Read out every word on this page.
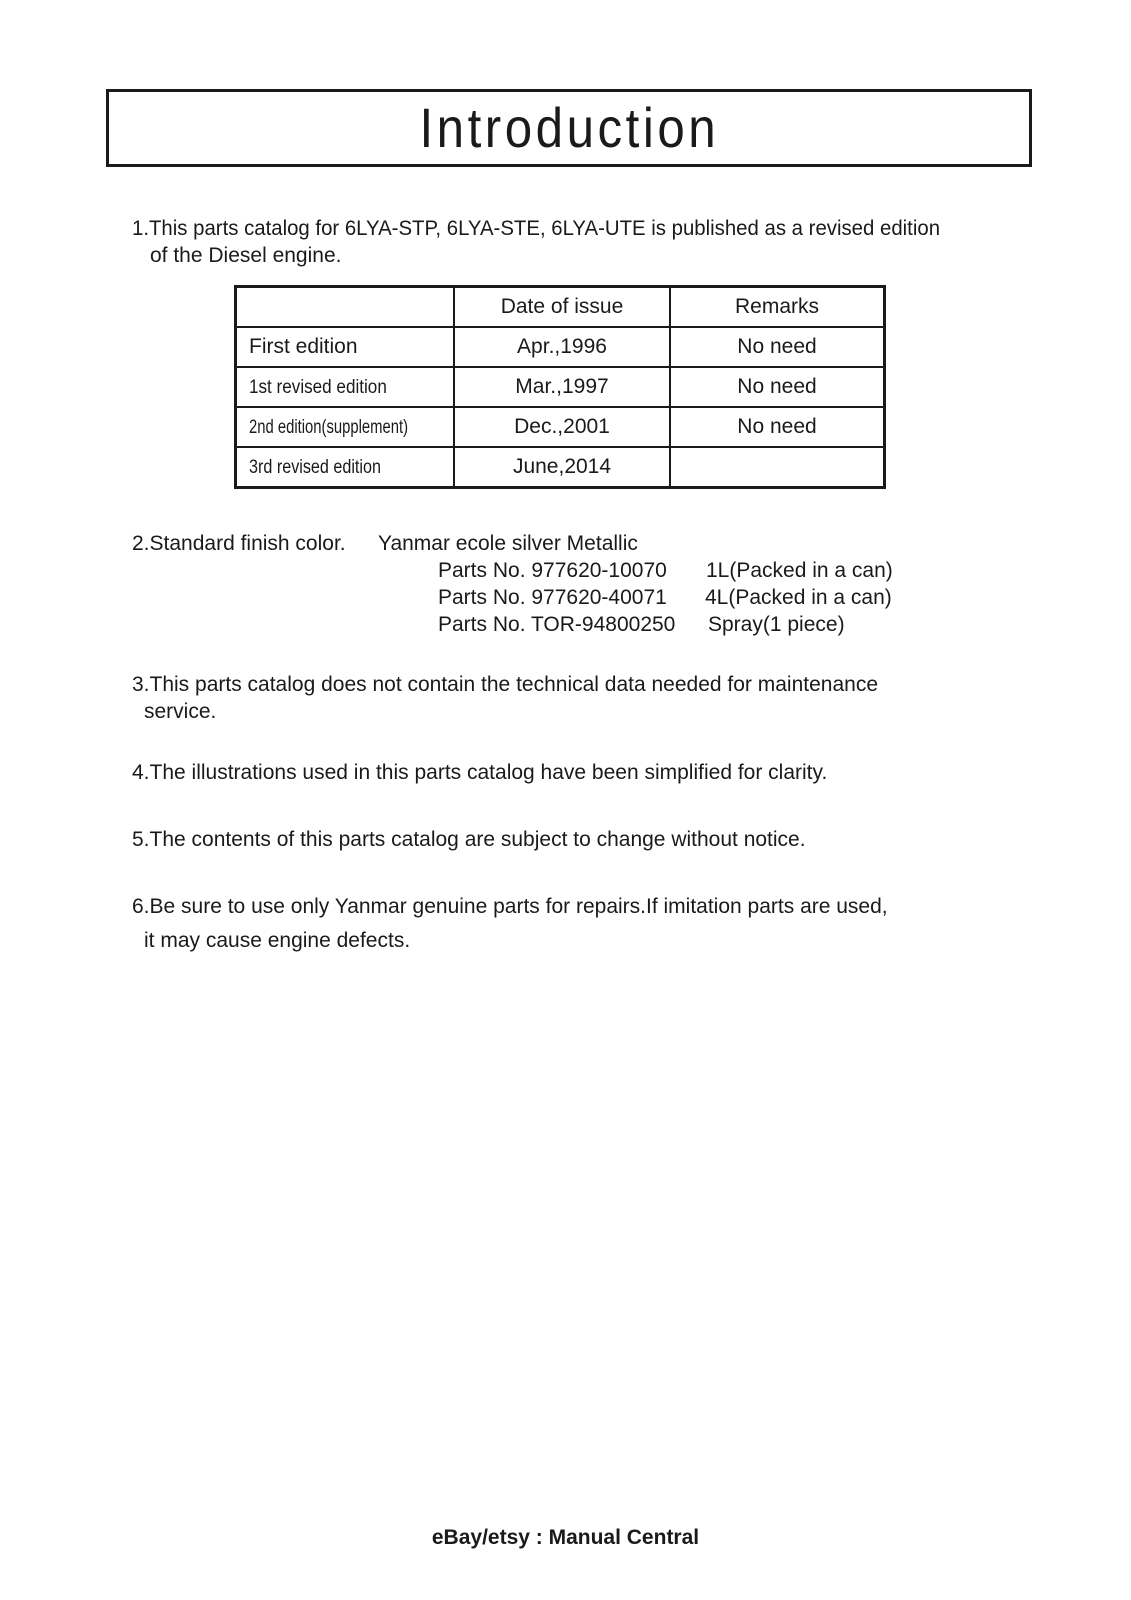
Introduction
1.This parts catalog for 6LYA-STP, 6LYA-STE, 6LYA-UTE is published as a revised edition
of the Diesel engine.
	Date of issue	Remarks
First edition	Apr.,1996	No need
1st revised edition	Mar.,1997	No need
2nd edition(supplement)	Dec.,2001	No need
3rd revised edition	June,2014	
2.Standard finish color. Yanmar ecole silver Metallic
Parts No. 977620-10070 1L(Packed in a can)
Parts No. 977620-40071 4L(Packed in a can)
Parts No. TOR-94800250 Spray(1 piece)
3.This parts catalog does not contain the technical data needed for maintenance
service.
4.The illustrations used in this parts catalog have been simplified for clarity.
5.The contents of this parts catalog are subject to change without notice.
6.Be sure to use only Yanmar genuine parts for repairs.If imitation parts are used,
it may cause engine defects.
eBay/etsy : Manual Central
